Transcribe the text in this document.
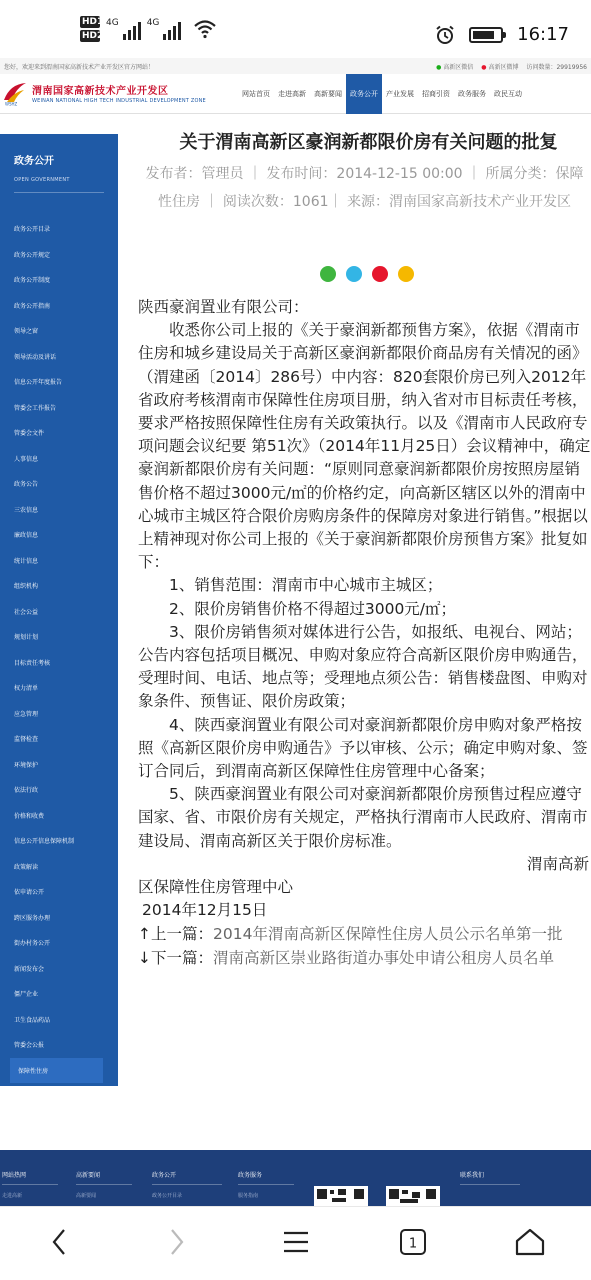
HD1
HD2
4G	4G
16:17
您好，欢迎来到渭南国家高新技术产业开发区官方网站！	● 高新区微信 ● 高新区微博 访问数量：29919956
WSHZ
渭南国家高新技术产业开发区
WEINAN NATIONAL HIGH TECH INDUSTRIAL DEVELOPMENT ZONE
网站首页	走进高新	高新要闻	政务公开	产业发展	招商引资	政务服务	政民互动
政务公开
OPEN GOVERNMENT
政务公开目录
政务公开规定
政务公开制度
政务公开指南
领导之窗
领导活动及讲话
信息公开年度报告
管委会工作报告
管委会文件
人事信息
政务公告
三农信息
廉政信息
统计信息
组织机构
社会公益
规划计划
目标责任考核
权力清单
应急管理
监督检查
环境保护
依法行政
价格和收费
信息公开信息保障机制
政策解读
依申请公开
跨区服务办理
街办村务公开
新闻发布会
僵尸企业
卫生食品药品
管委会公报
保障性住房
关于渭南高新区豪润新都限价房有关问题的批复
发布者：管理员 ｜ 发布时间：2014-12-15 00:00 ｜ 所属分类：保障性住房 ｜ 阅读次数：1061｜ 来源：渭南国家高新技术产业开发区

陕西豪润置业有限公司：

收悉你公司上报的《关于豪润新都预售方案》，依据《渭南市住房和城乡建设局关于高新区豪润新都限价商品房有关情况的函》（渭建函〔2014〕286号）中内容：820套限价房已列入2012年省政府考核渭南市保障性住房项目册，纳入省对市目标责任考核，要求严格按照保障性住房有关政策执行。以及《渭南市人民政府专项问题会议纪要 第51次》（2014年11月25日）会议精神中，确定豪润新都限价房有关问题：“原则同意豪润新都限价房按照房屋销售价格不超过3000元/㎡的价格约定，向高新区辖区以外的渭南中心城市主城区符合限价房购房条件的保障房对象进行销售。”根据以上精神现对你公司上报的《关于豪润新都限价房预售方案》批复如下：

1、销售范围：渭南市中心城市主城区；

2、限价房销售价格不得超过3000元/㎡；

3、限价房销售须对媒体进行公告，如报纸、电视台、网站；公告内容包括项目概况、申购对象应符合高新区限价房申购通告，受理时间、电话、地点等；受理地点须公告：销售楼盘图、申购对象条件、预售证、限价房政策；

4、陕西豪润置业有限公司对豪润新都限价房申购对象严格按照《高新区限价房申购通告》予以审核、公示；确定申购对象、签订合同后，到渭南高新区保障性住房管理中心备案；

5、陕西豪润置业有限公司对豪润新都限价房预售过程应遵守国家、省、市限价房有关规定，严格执行渭南市人民政府、渭南市建设局、渭南高新区关于限价房标准。

渭南高新

区保障性住房管理中心

2014年12月15日

↑上一篇：2014年渭南高新区保障性住房人员公示名单第一批

↓下一篇：渭南高新区崇业路街道办事处申请公租房人员名单

网站热网	高新要闻	政务公开	政务服务	联系我们
走进高新	高新要闻	政务公开目录	服务指南
1
